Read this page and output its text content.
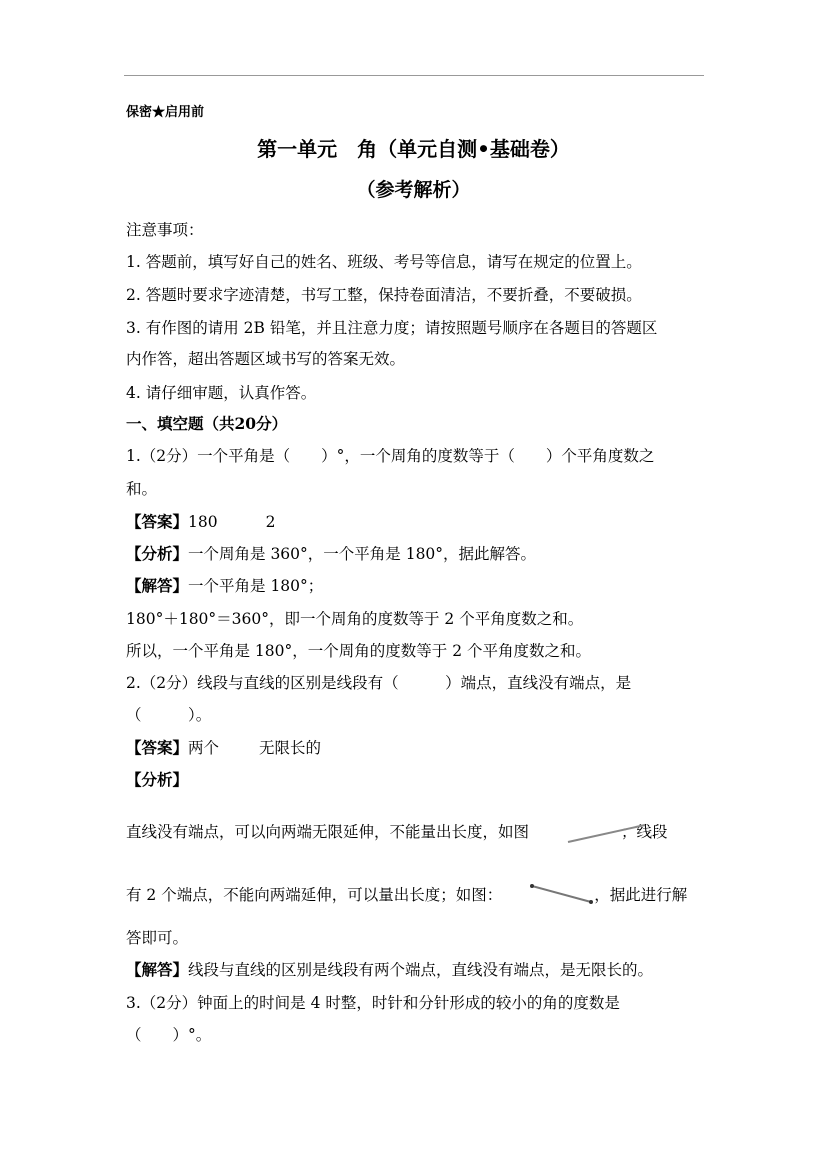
保密★启用前
第一单元　角（单元自测•基础卷）
（参考解析）
注意事项：
1. 答题前，填写好自己的姓名、班级、考号等信息，请写在规定的位置上。
2. 答题时要求字迹清楚，书写工整，保持卷面清洁，不要折叠，不要破损。
3. 有作图的请用 2B 铅笔，并且注意力度；请按照题号顺序在各题目的答题区
内作答，超出答题区域书写的答案无效。
4. 请仔细审题，认真作答。
一、填空题（共20分）
1.（2分）一个平角是（　　）°，一个周角的度数等于（　　）个平角度数之
和。
【答案】180	2
【分析】一个周角是 360°，一个平角是 180°，据此解答。
【解答】一个平角是 180°；
180°＋180°＝360°，即一个周角的度数等于 2 个平角度数之和。
所以，一个平角是 180°，一个周角的度数等于 2 个平角度数之和。
2.（2分）线段与直线的区别是线段有（　　　）端点，直线没有端点，是
（　　　）。
【答案】两个	无限长的
【分析】
直线没有端点，可以向两端无限延伸，不能量出长度，如图	；线段
有 2 个端点，不能向两端延伸，可以量出长度；如图：	，据此进行解
答即可。
【解答】线段与直线的区别是线段有两个端点，直线没有端点，是无限长的。
3.（2分）钟面上的时间是 4 时整，时针和分针形成的较小的角的度数是
（　　）°。
